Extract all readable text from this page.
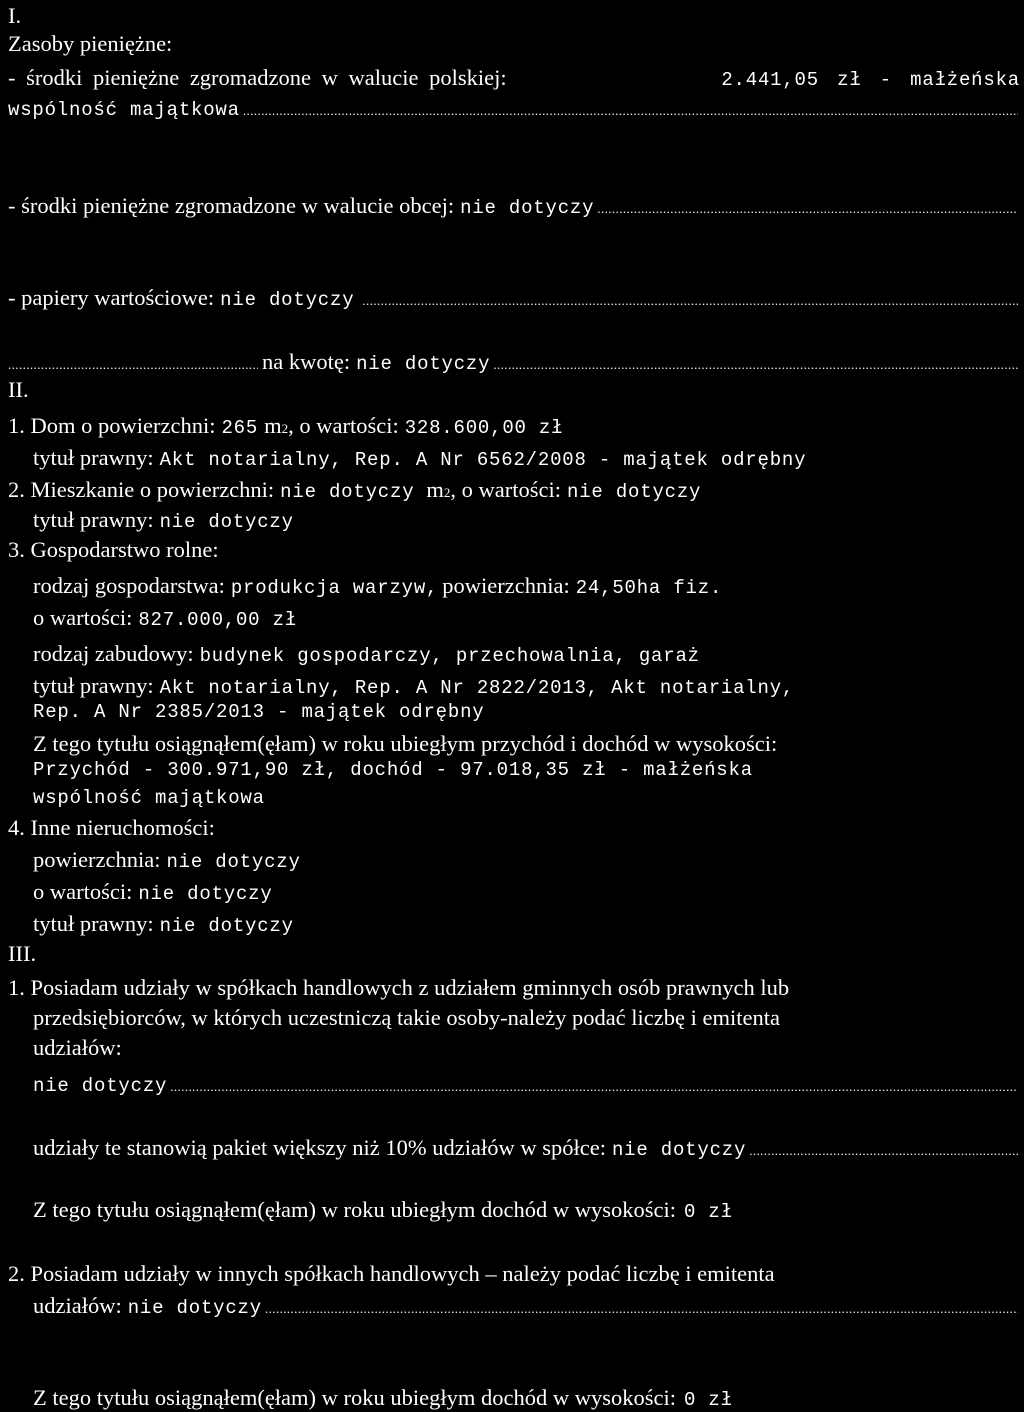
I.
Zasoby pieniężne:
- środki pieniężne zgromadzone w walucie polskiej:	2.441,05 zł - małżeńska
wspólność majątkowa
.....
- środki pieniężne zgromadzone w walucie obcej: nie dotyczy
.....
- papiery wartościowe: nie dotyczy
.....
.....
na kwotę: nie dotyczy
.....
II.
1. Dom o powierzchni: 265 m 2 , o wartości: 328.600,00 zł
tytuł prawny: Akt notarialny, Rep. A Nr 6562/2008 - majątek odrębny
2. Mieszkanie o powierzchni: nie dotyczy m 2 , o wartości: nie dotyczy
tytuł prawny: nie dotyczy
3. Gospodarstwo rolne:
rodzaj gospodarstwa: produkcja warzyw, powierzchnia: 24,50ha fiz.
o wartości: 827.000,00 zł
rodzaj zabudowy: budynek gospodarczy, przechowalnia, garaż
tytuł prawny: Akt notarialny, Rep. A Nr 2822/2013, Akt notarialny,
Rep. A Nr 2385/2013 - majątek odrębny
Z tego tytułu osiągnąłem(ęłam) w roku ubiegłym przychód i dochód w wysokości:
Przychód - 300.971,90 zł, dochód - 97.018,35 zł - małżeńska
wspólność majątkowa
4. Inne nieruchomości:
powierzchnia: nie dotyczy
o wartości: nie dotyczy
tytuł prawny: nie dotyczy
III.
1. Posiadam udziały w spółkach handlowych z udziałem gminnych osób prawnych lub
przedsiębiorców, w których uczestniczą takie osoby-należy podać liczbę i emitenta
udziałów:
nie dotyczy
.....
udziały te stanowią pakiet większy niż 10% udziałów w spółce: nie dotyczy
.....
Z tego tytułu osiągnąłem(ęłam) w roku ubiegłym dochód w wysokości: 0 zł
2. Posiadam udziały w innych spółkach handlowych – należy podać liczbę i emitenta
udziałów: nie dotyczy
.....
Z tego tytułu osiągnąłem(ęłam) w roku ubiegłym dochód w wysokości: 0 zł
